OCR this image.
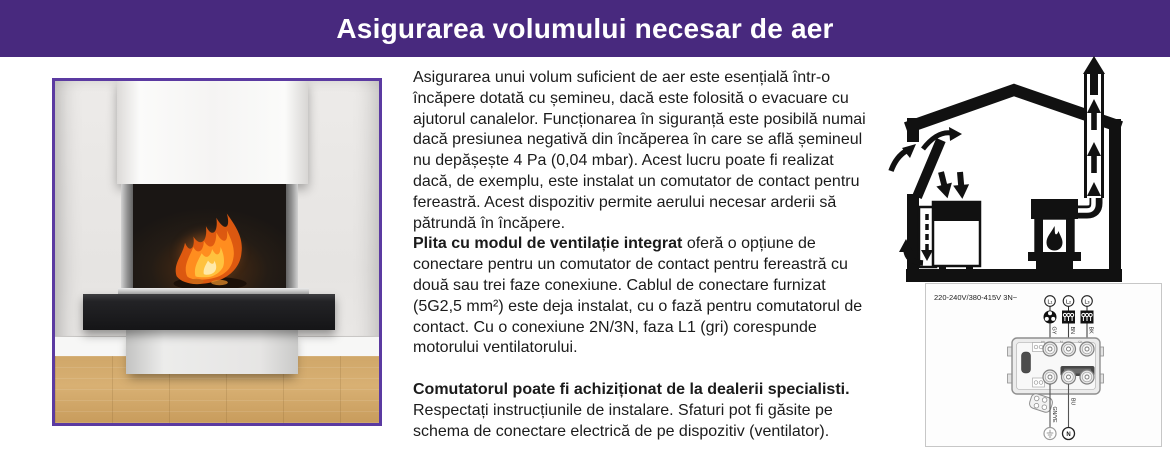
Asigurarea volumului necesar de aer

Asigurarea unui volum suficient de aer este esențială într-o încăpere dotată cu șemineu, dacă este folosită o evacuare cu ajutorul canalelor. Funcționarea în siguranță este posibilă numai dacă presiunea negativă din încăperea în care se află șemineul nu depășește 4 Pa (0,04 mbar). Acest lucru poate fi realizat dacă, de exemplu, este instalat un comutator de contact pentru fereastră. Acest dispozitiv permite aerului necesar arderii să pătrundă în încăpere.

Plita cu modul de ventilație integrat oferă o opțiune de conectare pentru un comutator de contact pentru fereastră cu două sau trei faze conexiune. Cablul de conectare furnizat (5G2,5 mm²) este deja instalat, cu o fază pentru comutatorul de contact. Cu o conexiune 2N/3N, faza L1 (gri) corespunde motorului ventilatorului.

Comutatorul poate fi achiziționat de la dealerii specialisti. Respectați instrucțiunile de instalare. Sfaturi pot fi găsite pe schema de conectare electrică de pe dispozitiv (ventilator).

220-240V/380-415V 3N~
L₁ L₂ L₃
GY BN BK
1	2	3
GN/YE
BU
N
